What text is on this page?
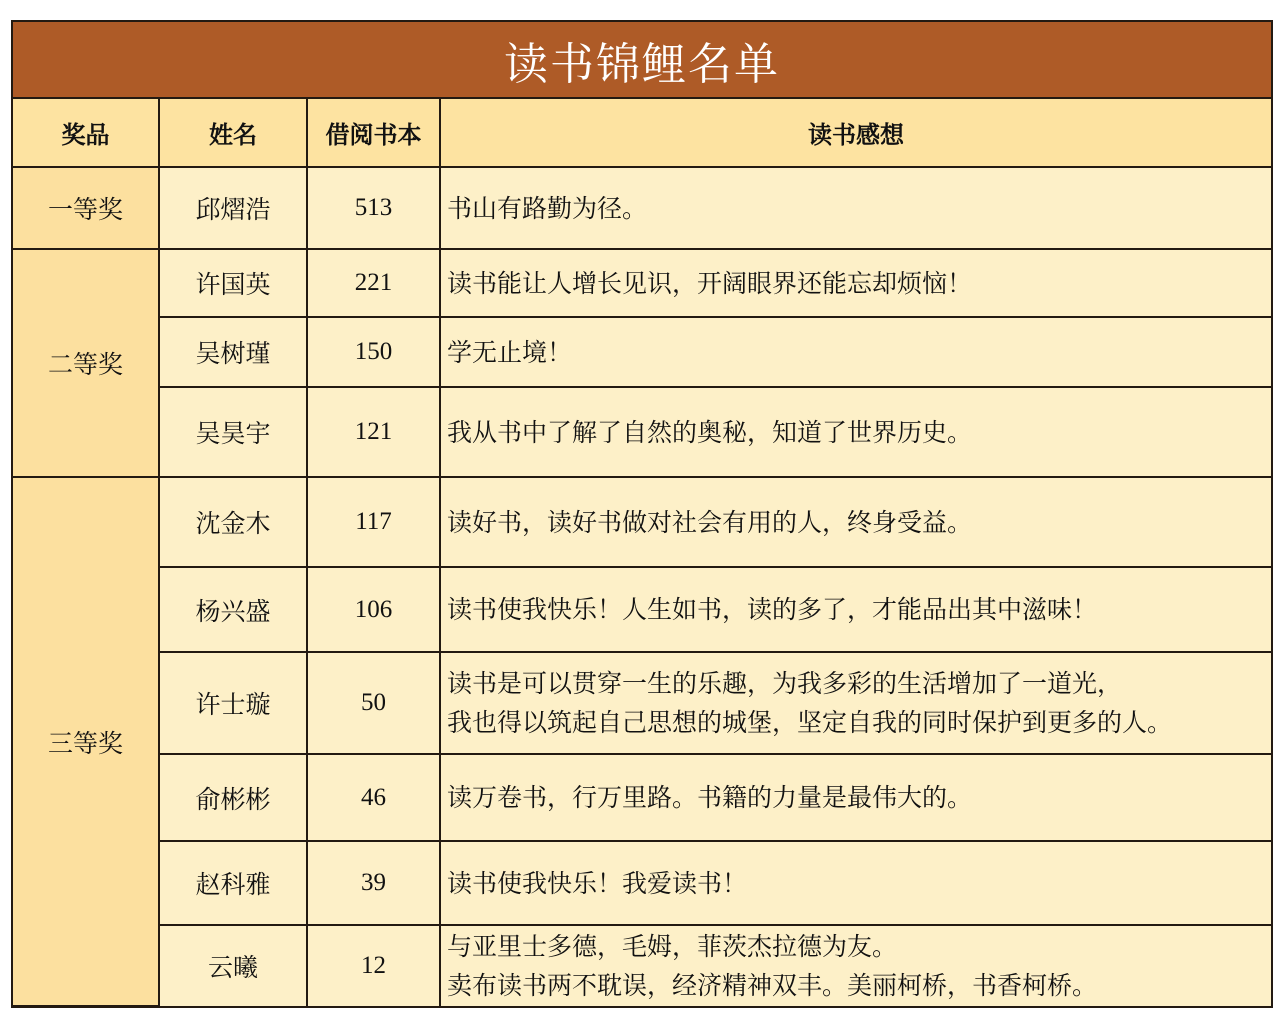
读书锦鲤名单
奖品	姓名	借阅书本	读书感想
一等奖	邱熠浩	513	书山有路勤为径。

二等奖	许国英	221	读书能让人增长见识，开阔眼界还能忘却烦恼！

	吴树瑾	150	学无止境！

	吴昊宇	121	我从书中了解了自然的奥秘，知道了世界历史。

三等奖	沈金木	117	读好书，读好书做对社会有用的人，终身受益。

	杨兴盛	106	读书使我快乐！人生如书，读的多了，才能品出其中滋味！

	许士璇	50	读书是可以贯穿一生的乐趣，为我多彩的生活增加了一道光，
我也得以筑起自己思想的城堡，坚定自我的同时保护到更多的人。

	俞彬彬	46	读万卷书，行万里路。书籍的力量是最伟大的。

	赵科雅	39	读书使我快乐！我爱读书！

	云曦	12	与亚里士多德，毛姆，菲茨杰拉德为友。
卖布读书两不耽误，经济精神双丰。美丽柯桥，书香柯桥。
